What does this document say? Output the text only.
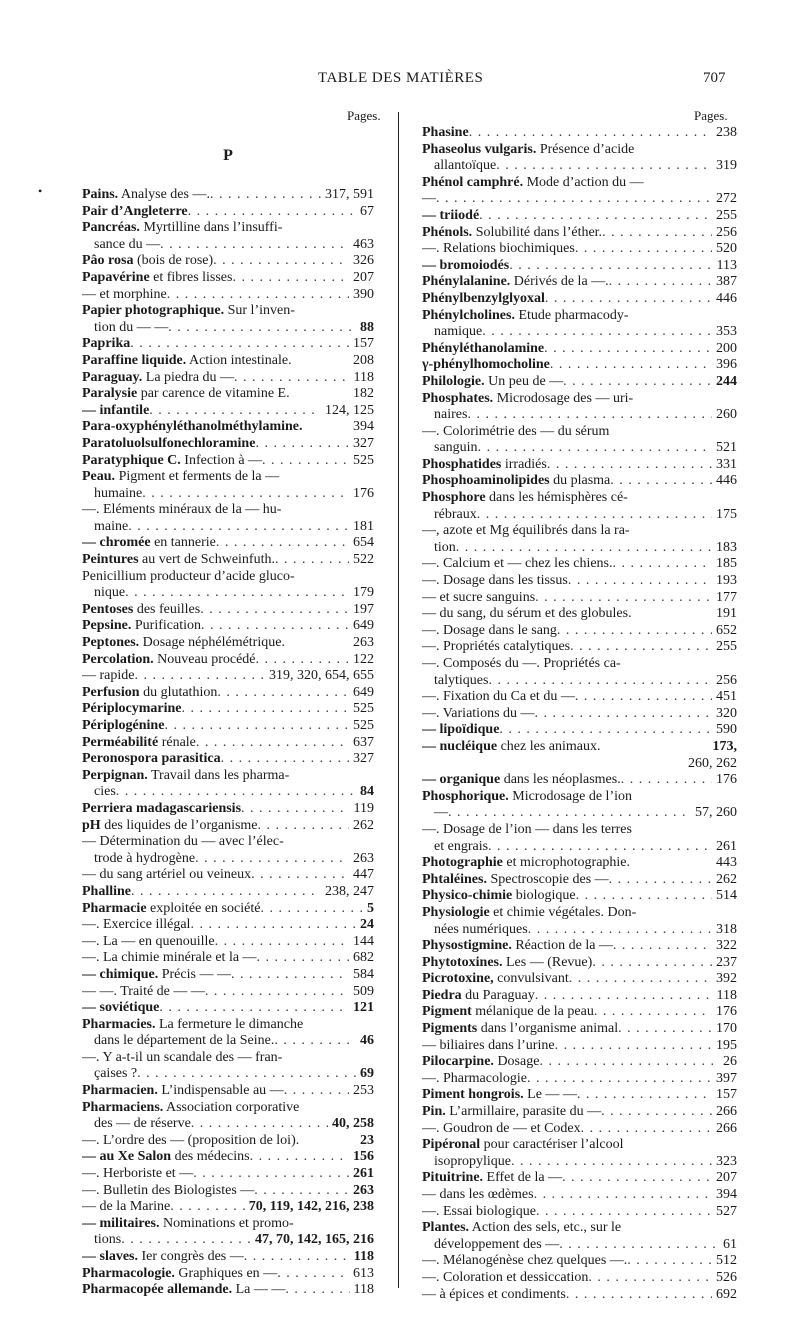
TABLE DES MATIÈRES	707
Pages.	Pages.
•
P
Pains. Analyse des —. . . .	317, 591
Pair d’Angleterre . . .	67
Pancréas. Myrtilline dans l’insuffi-
sance du — . . .	463
Pâo rosa (bois de rose) . . .	326
Papavérine et fibres lisses . . .	207
— et morphine . . .	390
Papier photographique. Sur l’inven-
tion du — — . . .	88
Paprika . . .	157
Paraffine liquide. Action intestinale.	208
Paraguay. La piedra du — . . .	118
Paralysie par carence de vitamine E.	182
— infantile . . .	124, 125
Para-oxyphényléthanolméthylamine.	394
Paratoluolsulfonechloramine . . .	327
Paratyphique C. Infection à — . . .	525
Peau. Pigment et ferments de la —
humaine . . .	176
—. Eléments minéraux de la — hu-
maine . . .	181
— chromée en tannerie . . .	654
Peintures au vert de Schweinfuth. . . .	522
Penicillium producteur d’acide gluco-
nique . . .	179
Pentoses des feuilles . . .	197
Pepsine. Purification . . .	649
Peptones. Dosage néphélémétrique.	263
Percolation. Nouveau procédé . . .	122
— rapide . . .	319, 320, 654, 655
Perfusion du glutathion . . .	649
Périplocymarine . . .	525
Périplogénine . . .	525
Perméabilité rénale . . .	637
Peronospora parasitica . . .	327
Perpignan. Travail dans les pharma-
cies . . .	84
Perriera madagascariensis . . .	119
pH des liquides de l’organisme . . .	262
— Détermination du — avec l’élec-
trode à hydrogène . . .	263
— du sang artériel ou veineux . . .	447
Phalline . . .	238, 247
Pharmacie exploitée en société . . .	5
—. Exercice illégal . . .	24
—. La — en quenouille . . .	144
—. La chimie minérale et la — . . .	682
— chimique. Précis — — . . .	584
— —. Traité de — — . . .	509
— soviétique . . .	121
Pharmacies. La fermeture le dimanche
dans le département de la Seine. . . .	46
—. Y a-t-il un scandale des — fran-
çaises ? . . .	69
Pharmacien. L’indispensable au — . . .	253
Pharmaciens. Association corporative
des — de réserve . . .	40, 258
—. L’ordre des — (proposition de loi).	23
— au Xe Salon des médecins . . .	156
—. Herboriste et — . . .	261
—. Bulletin des Biologistes — . . .	263
— de la Marine . . .	70, 119, 142, 216, 238
— militaires. Nominations et promo-
tions . . .	47, 70, 142, 165, 216
— slaves. Ier congrès des — . . .	118
Pharmacologie. Graphiques en — . . .	613
Pharmacopée allemande. La — — . . .	118
Phasine . . .	238
Phaseolus vulgaris. Présence d’acide
allantoïque . . .	319
Phénol camphré. Mode d’action du —
— . . .	272
— triiodé . . .	255
Phénols. Solubilité dans l’éther. . . .	256
—. Relations biochimiques . . .	520
— bromoiodés . . .	113
Phénylalanine. Dérivés de la —. . . .	387
Phénylbenzylglyoxal . . .	446
Phénylcholines. Etude pharmacody-
namique . . .	353
Phényléthanolamine . . .	200
γ-phénylhomocholine . . .	396
Philologie. Un peu de — . . .	244
Phosphates. Microdosage des — uri-
naires . . .	260
—. Colorimétrie des — du sérum
sanguin . . .	521
Phosphatides irradiés . . .	331
Phosphoaminolipides du plasma . . .	446
Phosphore dans les hémisphères cé-
rébraux . . .	175
—, azote et Mg équilibrés dans la ra-
tion . . .	183
—. Calcium et — chez les chiens. . . .	185
—. Dosage dans les tissus . . .	193
— et sucre sanguins . . .	177
— du sang, du sérum et des globules.	191
—. Dosage dans le sang . . .	652
—. Propriétés catalytiques . . .	255
—. Composés du —. Propriétés ca-
talytiques . . .	256
—. Fixation du Ca et du — . . .	451
—. Variations du — . . .	320
— lipoïdique . . .	590
— nucléique chez les animaux.	173,
260, 262
— organique dans les néoplasmes. . . .	176
Phosphorique. Microdosage de l’ion
— . . .	57, 260
—. Dosage de l’ion — dans les terres
et engrais . . .	261
Photographie et microphotographie.	443
Phtaléines. Spectroscopie des — . . .	262
Physico-chimie biologique . . .	514
Physiologie et chimie végétales. Don-
nées numériques . . .	318
Physostigmine. Réaction de la — . . .	322
Phytotoxines. Les — (Revue) . . .	237
Picrotoxine, convulsivant . . .	392
Piedra du Paraguay . . .	118
Pigment mélanique de la peau . . .	176
Pigments dans l’organisme animal . . .	170
— biliaires dans l’urine . . .	195
Pilocarpine. Dosage . . .	26
—. Pharmacologie . . .	397
Piment hongrois. Le — — . . .	157
Pin. L’armillaire, parasite du — . . .	266
—. Goudron de — et Codex . . .	266
Pipéronal pour caractériser l’alcool
isopropylique . . .	323
Pituitrine. Effet de la — . . .	207
— dans les œdèmes . . .	394
—. Essai biologique . . .	527
Plantes. Action des sels, etc., sur le
développement des — . . .	61
—. Mélanogénèse chez quelques —. . . .	512
—. Coloration et dessiccation . . .	526
— à épices et condiments . . .	692
